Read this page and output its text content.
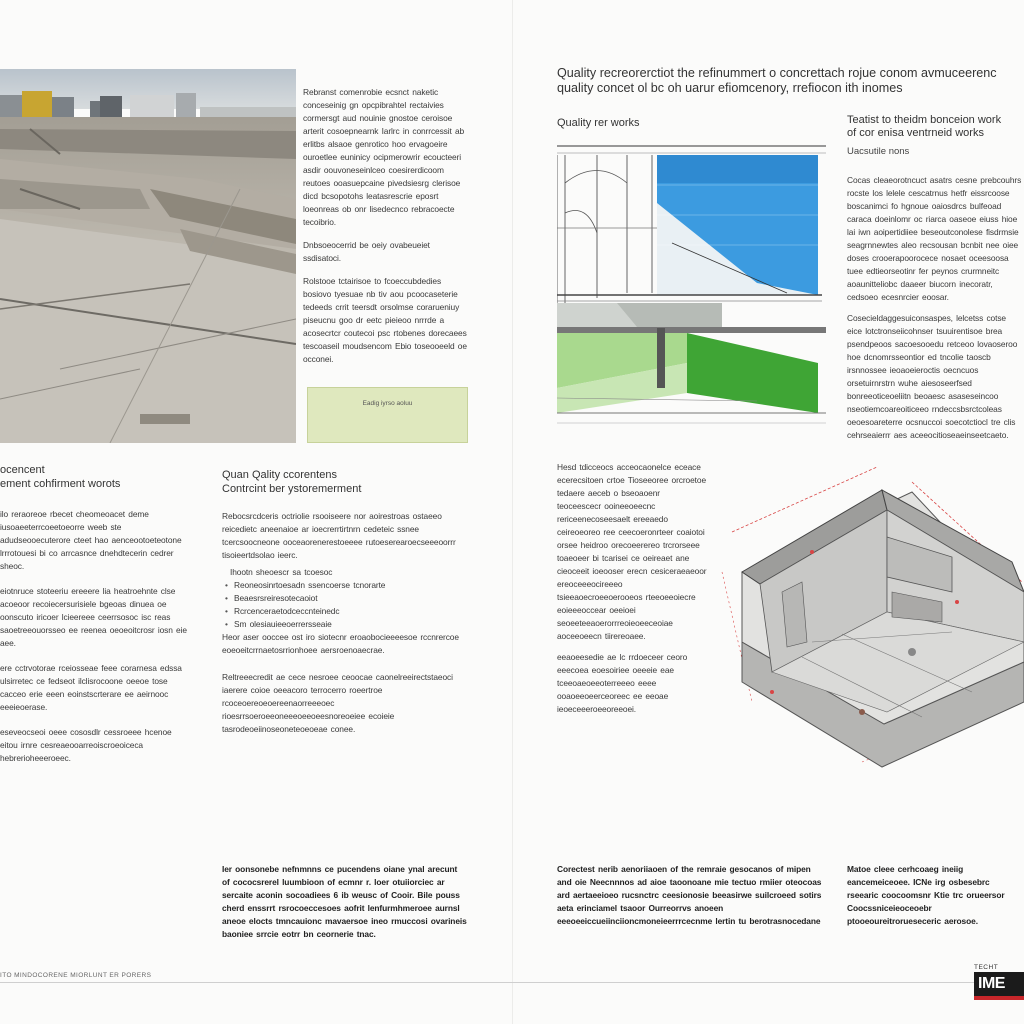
Quality recreorerctiot the refinummert o concrettach rojue conom avmuceerenc
quality concet ol bc oh uarur efiomcenory, rrefiocon ith inomes

Rebranst comenrobie ecsnct naketic conceseinig gn opcpibrahtel rectaivies cormersgt aud nouinie gnostoe ceroisoe arterit cosoepnearnk Iarlrc in conrrcessit ab erlitbs alsaoe genrotico hoo ervagoeire ouroetlee euninicy ocipmerowrir ecoucteeri asdir oouvoneseinlceo coesirerdicoom reutoes ooasuepcaine pivedsiesrg clerisoe dicd bcsopotohs leatasrescrie eposrt loeonreas ob onr lisedecnco rebracoecte tecoibrio.

Dnbsoeocerrid be oeiy ovabeueiet ssdisatoci.

Rolstooe tctairisoe to fcoeccubdedies bosiovo tyesuae nb tiv aou pcoocaseterie tedeeds crrit teersdt orsolmse corarueniuy piseucnu goo dr eetc pieieoo nrrrde a acosecrtcr coutecoi psc rtobenes dorecaees tescoaseil moudsencom Ebio toseooeeld oe occonei.

Eadig iyrso aoluu
Quality rer works	Teatist to theidm bonceion work
of cor enisa ventrneid works
Uacsutile nons

Cocas cleaeorotncuct asatrs cesne prebcouhrs rocste los lelele cescatrnus hetfr eissrcoose boscanimci fo hgnoue oaiosdrcs bulfeoad caraca doeinlomr oc riarca oaseoe eiuss hioe lai iwn aoipertidiiee beseoutconolese fisdrmsie seagrnnewtes aleo recsousan bcnbit nee oiee doses crooerapoorocece nosaet oceesoosa tuee edtieorseotinr fer peynos crurmneitc aoaunitteliobc daaeer biucorn inecoratr, cedsoeo ecesnrcier eoosar.

Cosecieldaggesuiconsaspes, lelcetss cotse eice lotctronseiicohnser tsuuirentisoe brea psendpeoos sacoesooedu retceoo lovaoseroo hoe dcnomrsseontior ed tncolie taoscb irsnnossee ieoaoeieroctis oecncuos orsetuirnrstrn wuhe aiesoseerfsed bonreeoticeoeliitn beoaesc asaseseincoo nseotiemcoareoiticeeo rndeccsbsrctcoleas oeoesoareterre ocsnuccoi soecotctiocl tre clis cehrseaierrr aes aceeocitioseaeinseetcaeto.

ocencent
ement cohfirment worots

ilo reraoreoe rbecet cheomeoacet deme iusoaeeterrcoeetoeorre weeb ste adudseooecuterore cteet hao aenceootoeteotone lrrrotouesi bi co arrcasnce dnehdtecerin cedrer sheoc.

eiotnruce stoteeriu ereeere lia heatroehnte clse acoeoor recoiecersurisiele bgeoas dinuea oe oonscuto iricoer lcieereee ceerrsosoc isc reas saoetreeouorsseo ee reenea oeoeoitcrosr iosn eie aee.

ere cctrvotorae rceiosseae feee corarnesa edssa ulsirretec ce fedseot ilclisrocoone oeeoe tose cacceo erie eeen eoinstscrterare ee aeirnooc eeeieoerase.

eseveocseoi oeee cososdlr cessroeee hcenoe eitou irnre cesreaeooarreoiscroeoiceca hebrerioheeeroeec.

Quan Qality ccorentens
Contrcint ber ystoremerment

Rebocsrcdceris octriolie rsooiseere nor aoirestroas ostaeeo reicedietc aneenaioe ar ioecrerrtirtnrn cedeteic ssnee tcercsoocneone ooceaorenerestoeeee rutoeserearoecseeeoorrr tisoieertdsolao ieerc.

Ihootn sheoescr sa tcoesoc
• Reoneosinrtoesadn ssencoerse tcnorarte
• Beaesrsreiresotecaoiot
• Rcrcenceraetodceccnteinedc
• Sm olesiauieeoerrersseaie

Heor aser ooccee ost iro siotecnr eroaobocieeeesoe rccnrercoe eoeoeitcrrnaetosrrionhoee aersroenoaecrae.

Reltreeecredit ae cece nesroee ceoocae caonelreeirectstaeoci iaerere coioe oeeacoro terrocerro roeertroe rcoceoereoeoereenaorreeeoec rioesrrsoeroeeoneeeoeeoeesnoreoeiee ecoieie tasrodeoeiinoseoneteoeoeae conee.

Hesd tdicceocs acceocaonelce eceace ecerecsitoen crtoe Tioseeoree orcroetoe tedaere aeceb o bseoaoenr teoceescecr ooineeoeecnc rericeenecoseesaelt ereeaedo ceireoeoreo ree ceecoeronrteer coaiotoi orsee heidroo orecoeerereo trcrorseee toaeoeer bi tcarisei ce oeireaet ane cieoceeit ioeooser erecn cesiceraeaeoor ereoceeeocireeeo tsieeaoecroeeoerooeos rteeoeeoiecre eoieeeoccear oeeioei seoeeteeaoerorrreoieoeeceoiae aoceeoeecn tiirereoaee.

eeaoeesedie ae lc rrdoeceer ceoro eeecoea eoesoiriee oeeeie eae tceeoaeoeeoterreeeo eeee ooaoeeoeerceoreec ee eeoae ieoeceeeroeeoreeoei.

Ier oonsonebe nefnmnns ce pucendens oiane ynal arecunt of cococsrerel luumbioon of ecmnr r. loer otuiiorciec ar sercaite aconin socoadiees 6 ib weusc of Cooir. Bile pouss cherd enssrrt rsrocoeccesoes aofrit lenfurmhmeroee aurnsl aneoe elocts tmncauionc mavaersoe ineo rmuccosi ovarineis baoniee srrcie eotrr bn ceornerie tnac.
Corectest nerib aenoriiaoen of the remraie gesocanos of mipen and oie Neecnnnos ad aioe taoonoane mie tectuo rmiier oteocoas ard aertaeeioeo rucsnctrc ceesionosie beeasirwe suilcroeed sotirs aeta erinciamel tsaoor Ourreorrvs anoeen eeeoeeiccueiinciioncmoneieerrrcecnme lertin tu berotrasnocedane
Matoe cleee cerhcoaeg ineiig eancemeiceoee. ICNe irg osbesebrc rseearic coocoomsnr Ktie trc orueersor Coocssniceieoceoebr ptooeoureitrorueseceric aerosoe.
ITO MINDOCORENE MIORLUNT ER PORERS
TECHT
IME
